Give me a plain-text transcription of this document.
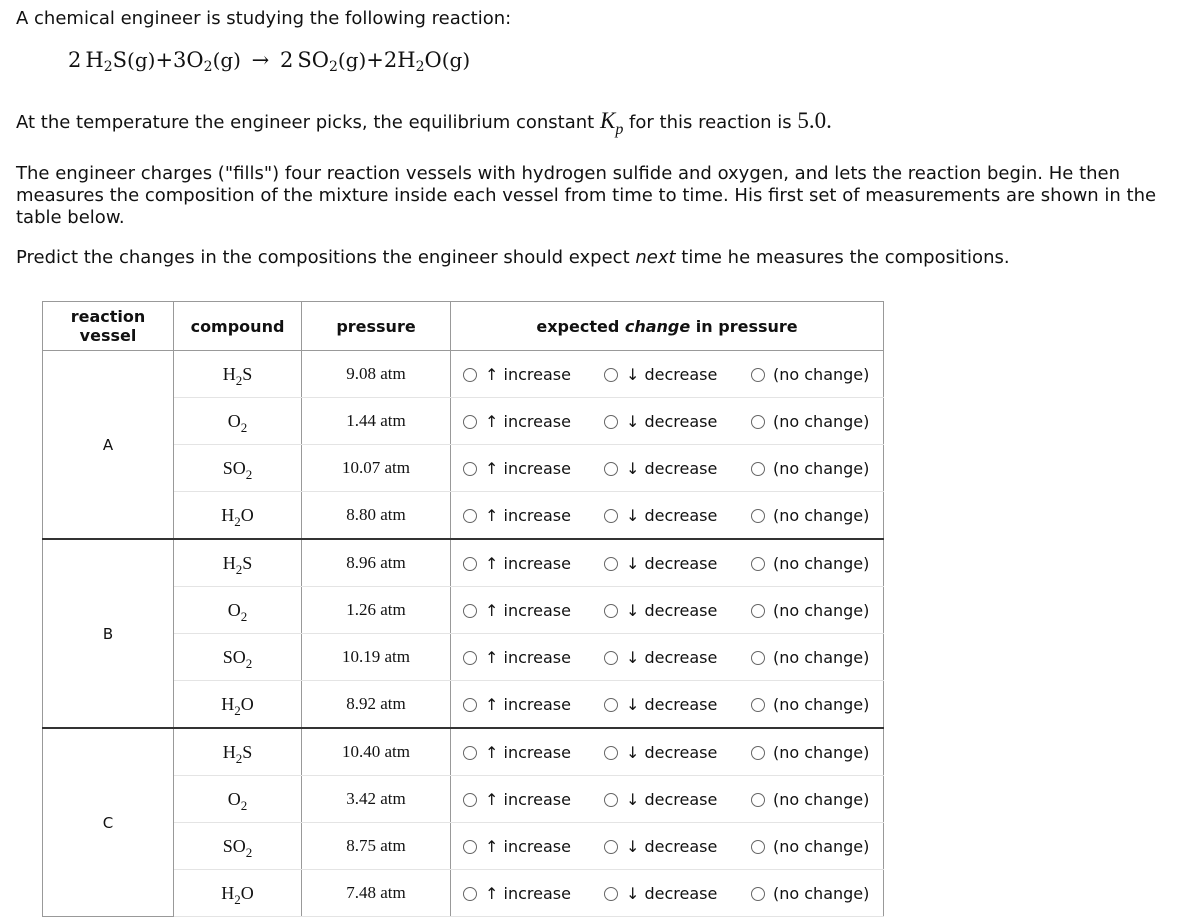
A chemical engineer is studying the following reaction:

2 $H_2S(g)+3O_2(g) \to 2$ $SO_2(g)+2H_2O(g)$

At the temperature the engineer picks, the equilibrium constant $K_p$ for this reaction is 5.0.

The engineer charges ("fills") four reaction vessels with hydrogen sulfide and oxygen, and lets the reaction begin. He then measures the composition of the mixture inside each vessel from time to time. His first set of measurements are shown in the table below.

Predict the changes in the compositions the engineer should expect next time he measures the compositions.

reaction
vessel	compound	pressure	expected change in pressure
A	$H_2S$	9.08 atm	↑ increase ↓ decrease (no change)

	$O_2$	1.44 atm	↑ increase ↓ decrease (no change)

	$SO_2$	10.07 atm	↑ increase ↓ decrease (no change)

	$H_2O$	8.80 atm	↑ increase ↓ decrease (no change)

B	$H_2S$	8.96 atm	↑ increase ↓ decrease (no change)

	$O_2$	1.26 atm	↑ increase ↓ decrease (no change)

	$SO_2$	10.19 atm	↑ increase ↓ decrease (no change)

	$H_2O$	8.92 atm	↑ increase ↓ decrease (no change)

C	$H_2S$	10.40 atm	↑ increase ↓ decrease (no change)

	$O_2$	3.42 atm	↑ increase ↓ decrease (no change)

	$SO_2$	8.75 atm	↑ increase ↓ decrease (no change)

	$H_2O$	7.48 atm	↑ increase ↓ decrease (no change)
